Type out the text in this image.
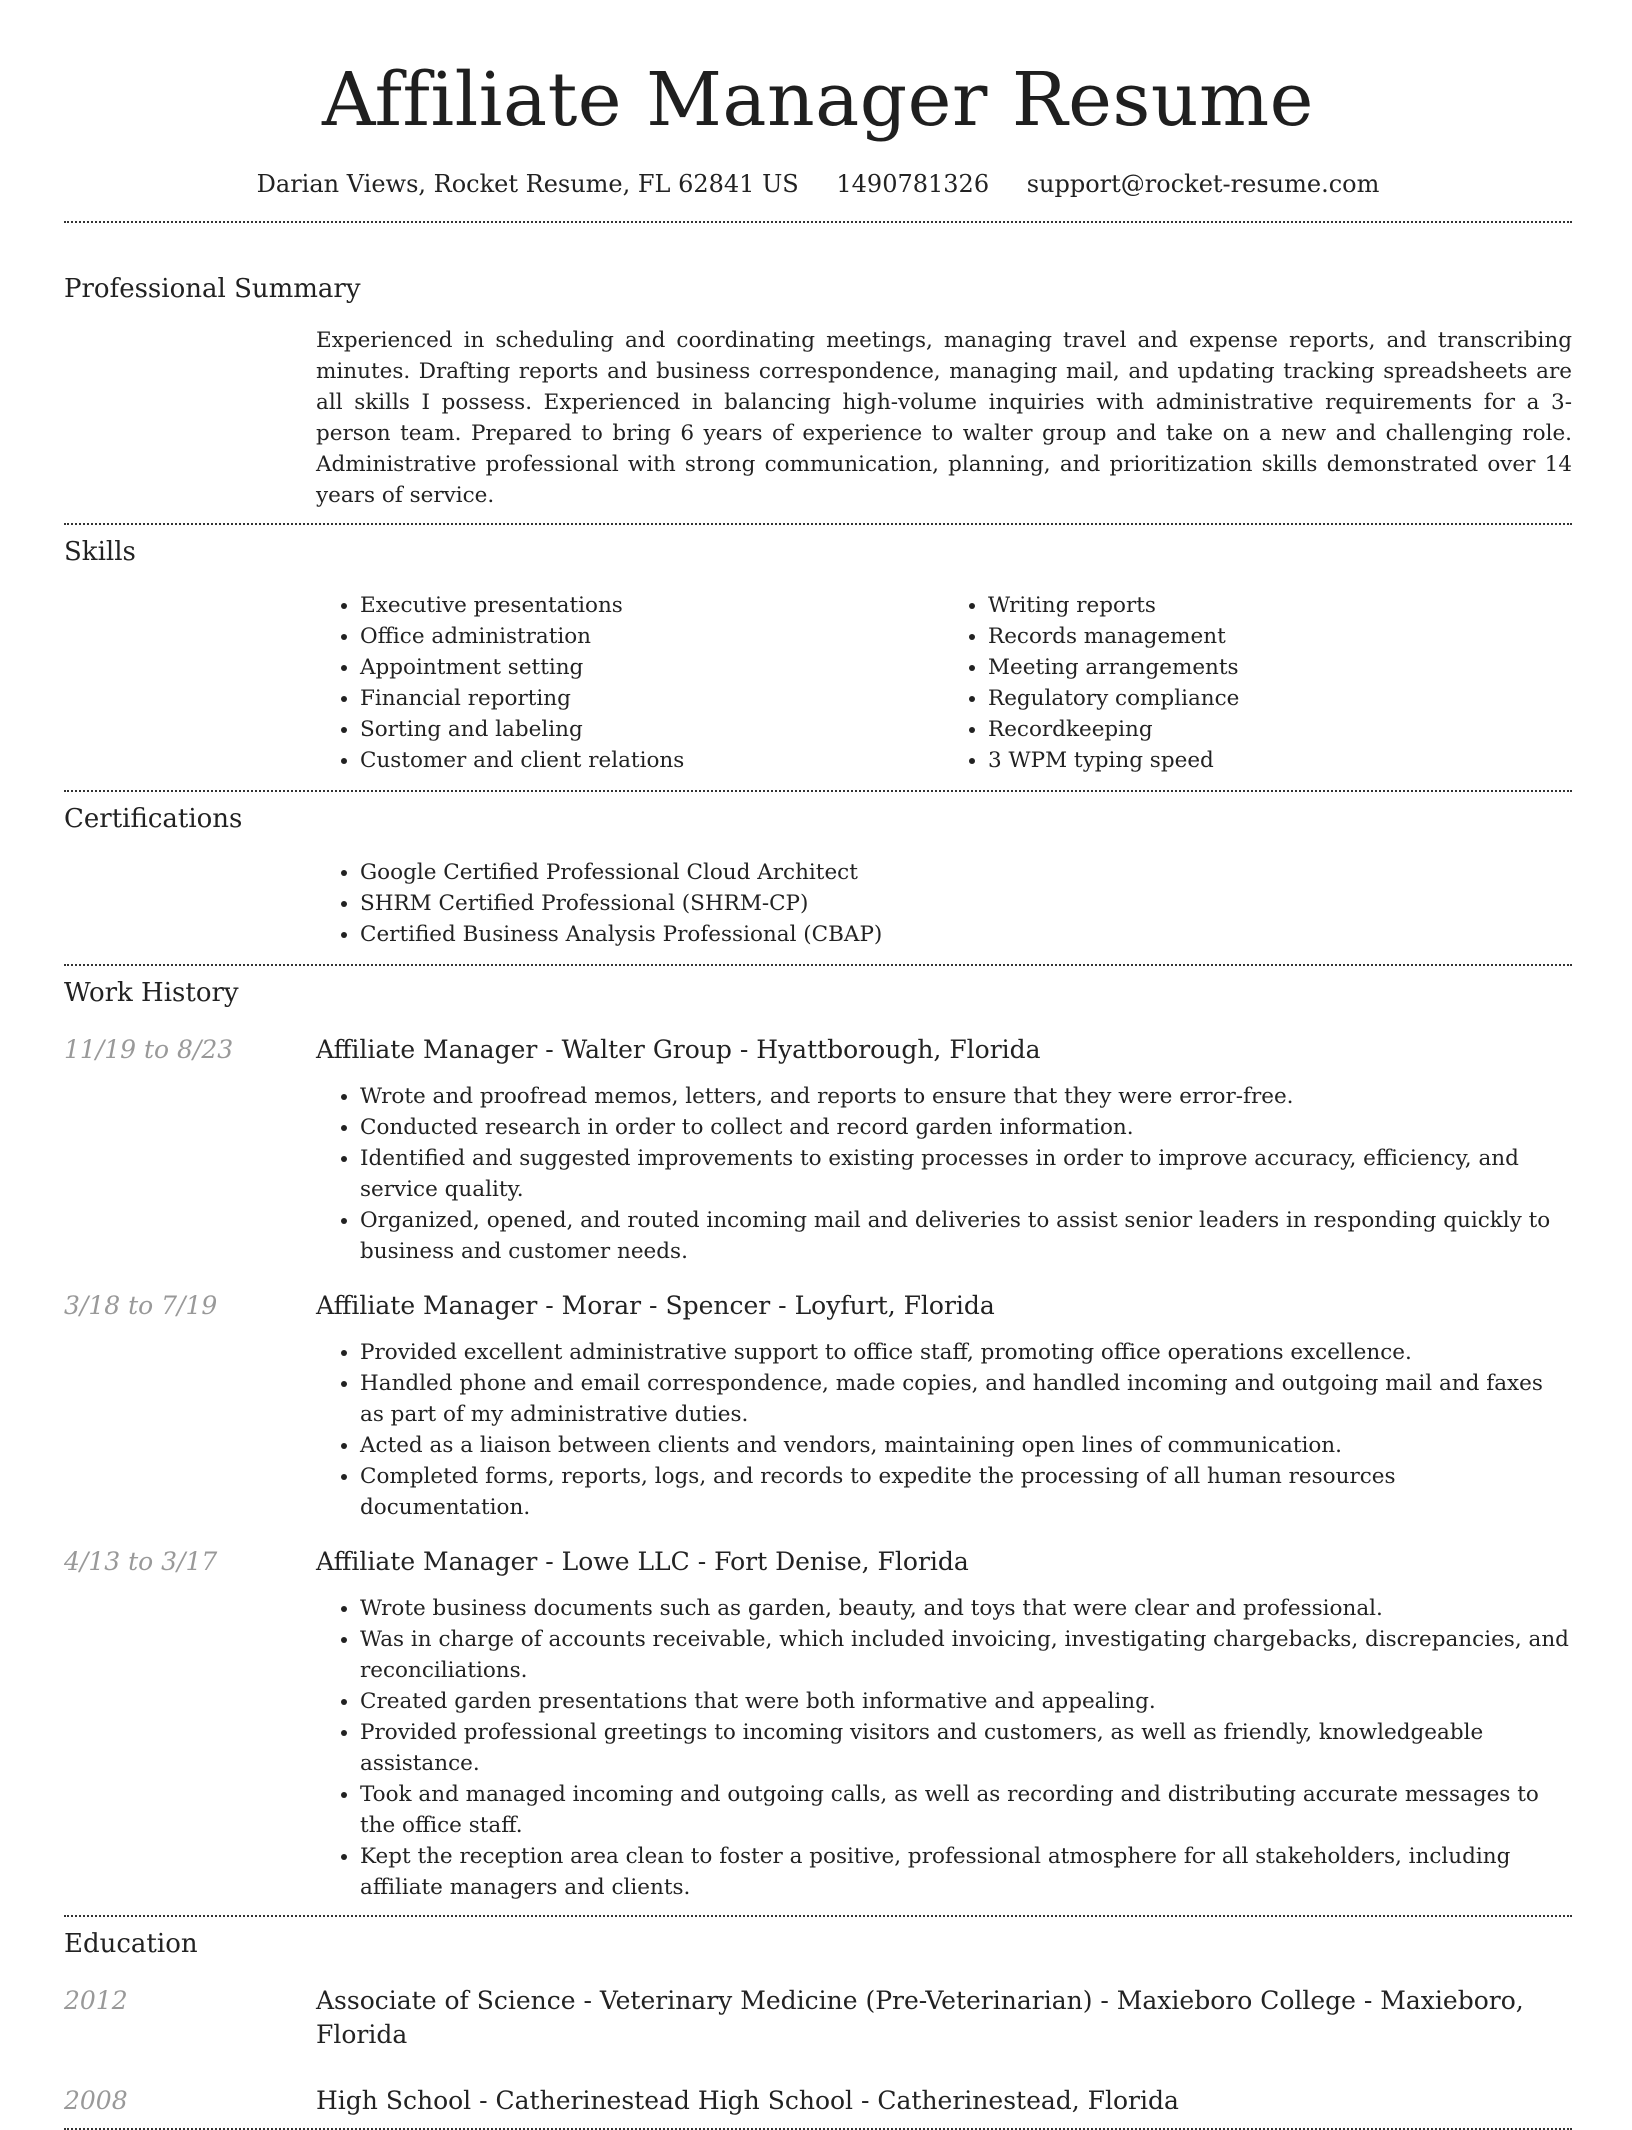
Affiliate Manager Resume
Darian Views, Rocket Resume, FL 62841 US 1490781326 support@rocket-resume.com
Professional Summary
Experienced in scheduling and coordinating meetings, managing travel and expense reports, and transcribing minutes. Drafting reports and business correspondence, managing mail, and updating tracking spreadsheets are all skills I possess. Experienced in balancing high-volume inquiries with administrative requirements for a 3-person team. Prepared to bring 6 years of experience to walter group and take on a new and challenging role. Administrative professional with strong communication, planning, and prioritization skills demonstrated over 14 years of service.
Skills
• Executive presentations
• Office administration
• Appointment setting
• Financial reporting
• Sorting and labeling
• Customer and client relations
• Writing reports
• Records management
• Meeting arrangements
• Regulatory compliance
• Recordkeeping
• 3 WPM typing speed
Certifications
• Google Certified Professional Cloud Architect
• SHRM Certified Professional (SHRM-CP)
• Certified Business Analysis Professional (CBAP)
Work History
11/19 to 8/23	Affiliate Manager - Walter Group - Hyattborough, Florida
• Wrote and proofread memos, letters, and reports to ensure that they were error-free.
• Conducted research in order to collect and record garden information.
• Identified and suggested improvements to existing processes in order to improve accuracy, efficiency, and service quality.
• Organized, opened, and routed incoming mail and deliveries to assist senior leaders in responding quickly to business and customer needs.
3/18 to 7/19	Affiliate Manager - Morar - Spencer - Loyfurt, Florida
• Provided excellent administrative support to office staff, promoting office operations excellence.
• Handled phone and email correspondence, made copies, and handled incoming and outgoing mail and faxes as part of my administrative duties.
• Acted as a liaison between clients and vendors, maintaining open lines of communication.
• Completed forms, reports, logs, and records to expedite the processing of all human resources documentation.
4/13 to 3/17	Affiliate Manager - Lowe LLC - Fort Denise, Florida
• Wrote business documents such as garden, beauty, and toys that were clear and professional.
• Was in charge of accounts receivable, which included invoicing, investigating chargebacks, discrepancies, and reconciliations.
• Created garden presentations that were both informative and appealing.
• Provided professional greetings to incoming visitors and customers, as well as friendly, knowledgeable assistance.
• Took and managed incoming and outgoing calls, as well as recording and distributing accurate messages to the office staff.
• Kept the reception area clean to foster a positive, professional atmosphere for all stakeholders, including affiliate managers and clients.
Education
2012	Associate of Science - Veterinary Medicine (Pre-Veterinarian) - Maxieboro College - Maxieboro, Florida
2008	High School - Catherinestead High School - Catherinestead, Florida
